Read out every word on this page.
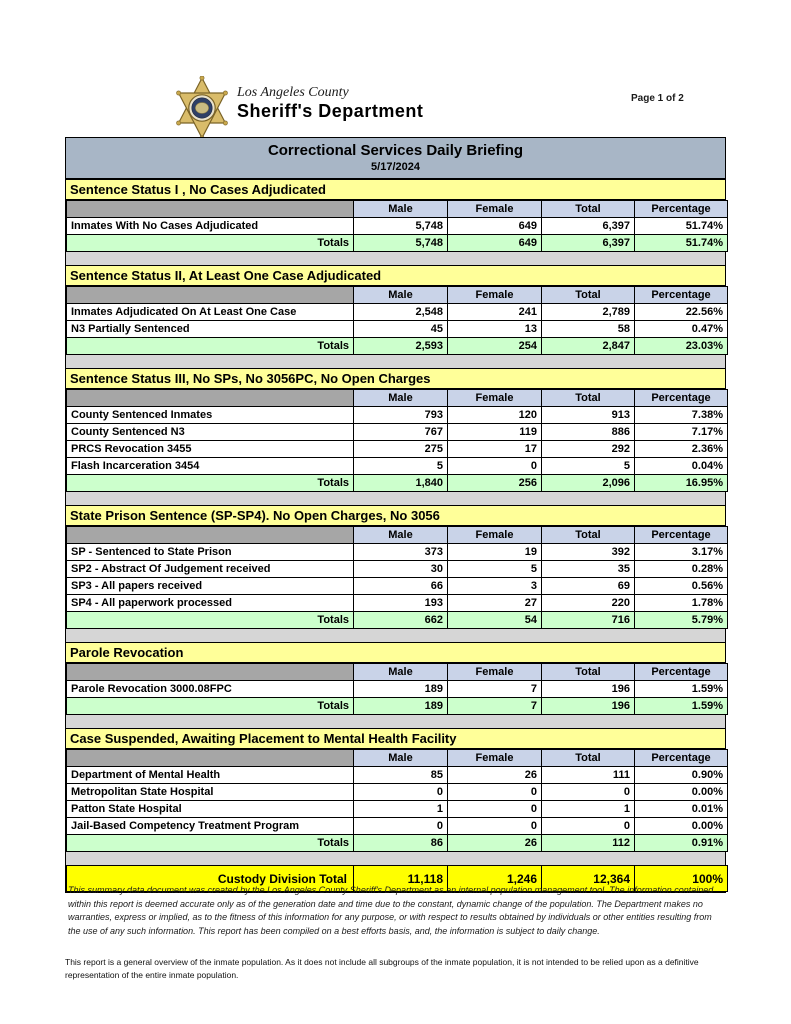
Los Angeles County
Sheriff's Department
Page 1 of 2
Correctional Services Daily Briefing
5/17/2024
Sentence Status I , No Cases Adjudicated
	Male	Female	Total	Percentage
Inmates With No Cases Adjudicated	5,748	649	6,397	51.74%
Totals	5,748	649	6,397	51.74%
Sentence Status II, At Least One Case Adjudicated
	Male	Female	Total	Percentage
Inmates Adjudicated On At Least One Case	2,548	241	2,789	22.56%
N3 Partially Sentenced	45	13	58	0.47%
Totals	2,593	254	2,847	23.03%
Sentence Status III, No SPs, No 3056PC, No Open Charges
	Male	Female	Total	Percentage
County Sentenced Inmates	793	120	913	7.38%
County Sentenced N3	767	119	886	7.17%
PRCS Revocation 3455	275	17	292	2.36%
Flash Incarceration 3454	5	0	5	0.04%
Totals	1,840	256	2,096	16.95%
State Prison Sentence (SP-SP4). No Open Charges, No 3056
	Male	Female	Total	Percentage
SP - Sentenced to State Prison	373	19	392	3.17%
SP2 - Abstract Of Judgement received	30	5	35	0.28%
SP3 - All papers received	66	3	69	0.56%
SP4 - All paperwork processed	193	27	220	1.78%
Totals	662	54	716	5.79%
Parole Revocation
	Male	Female	Total	Percentage
Parole Revocation 3000.08FPC	189	7	196	1.59%
Totals	189	7	196	1.59%
Case Suspended, Awaiting Placement to Mental Health Facility
	Male	Female	Total	Percentage
Department of Mental Health	85	26	111	0.90%
Metropolitan State Hospital	0	0	0	0.00%
Patton State Hospital	1	0	1	0.01%
Jail-Based Competency Treatment Program	0	0	0	0.00%
Totals	86	26	112	0.91%
Custody Division Total	11,118	1,246	12,364	100%

This summary data document was created by the Los Angeles County Sheriff's Department as an internal population management tool. The information contained within this report is deemed accurate only as of the generation date and time due to the constant, dynamic change of the population. The Department makes no warranties, express or implied, as to the fitness of this information for any purpose, or with respect to results obtained by individuals or other entities resulting from the use of any such information. This report has been compiled on a best efforts basis, and, the information is subject to daily change.

This report is a general overview of the inmate population. As it does not include all subgroups of the inmate population, it is not intended to be relied upon as a definitive representation of the entire inmate population.
